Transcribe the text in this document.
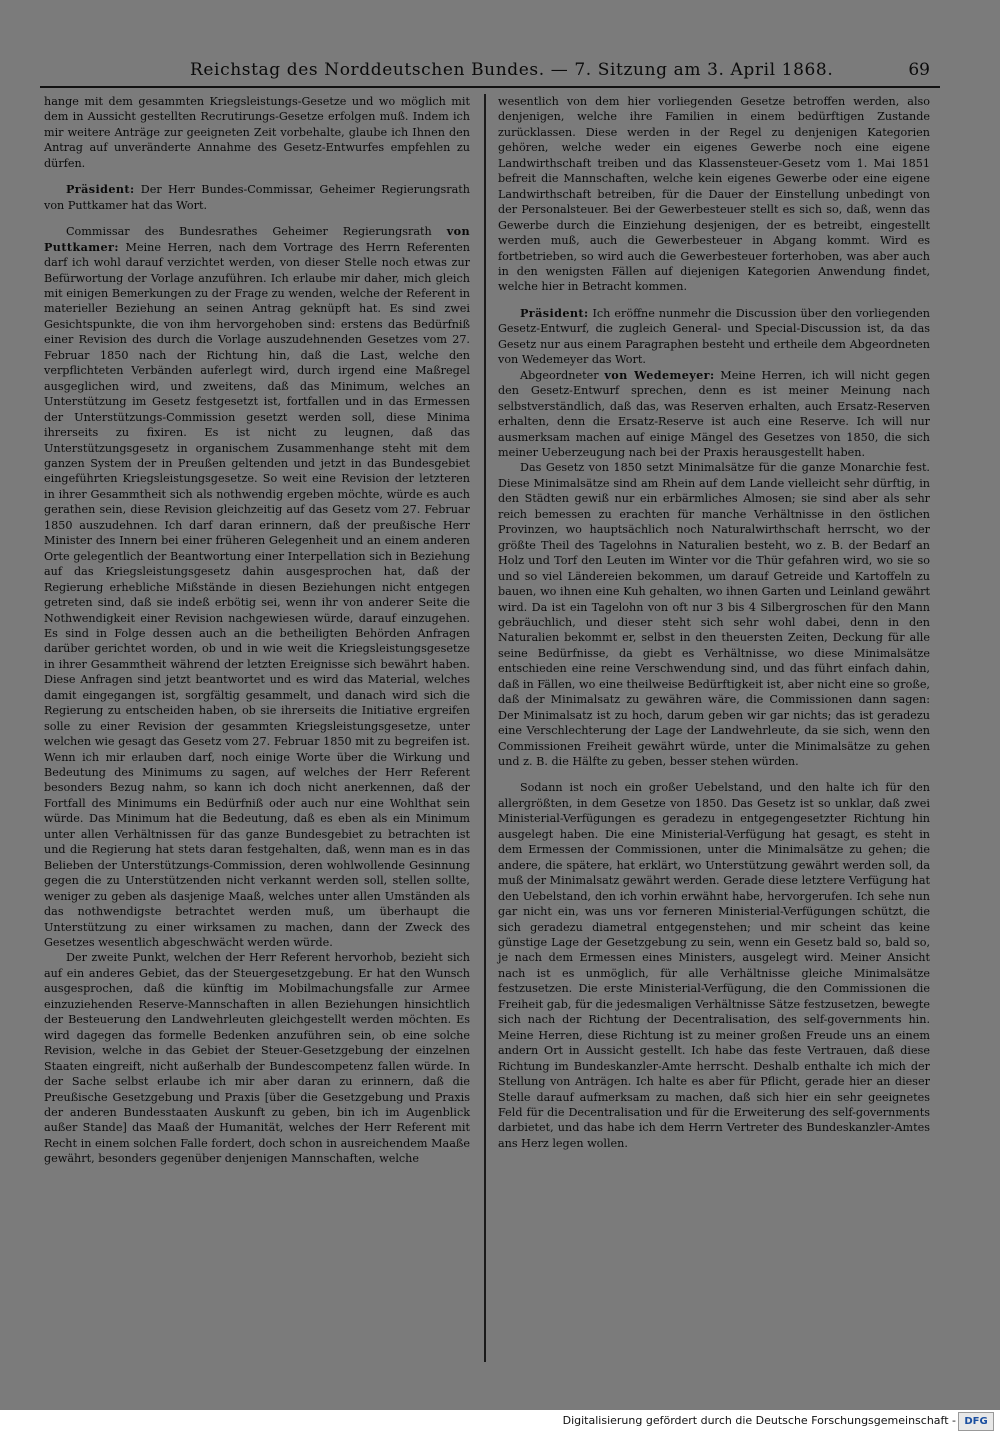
Reichstag des Norddeutschen Bundes. — 7. Sitzung am 3. April 1868.	69

hange mit dem gesammten Kriegsleistungs-Gesetze und wo möglich mit dem in Aussicht gestellten Recrutirungs-Gesetze erfolgen muß. Indem ich mir weitere Anträge zur geeigneten Zeit vorbehalte, glaube ich Ihnen den Antrag auf unveränderte Annahme des Gesetz-Entwurfes empfehlen zu dürfen.

Präsident: Der Herr Bundes-Commissar, Geheimer Regierungsrath von Puttkamer hat das Wort.

Commissar des Bundesrathes Geheimer Regierungsrath von Puttkamer: Meine Herren, nach dem Vortrage des Herrn Referenten darf ich wohl darauf verzichtet werden, von dieser Stelle noch etwas zur Befürwortung der Vorlage anzuführen. Ich erlaube mir daher, mich gleich mit einigen Bemerkungen zu der Frage zu wenden, welche der Referent in materieller Beziehung an seinen Antrag geknüpft hat. Es sind zwei Gesichtspunkte, die von ihm hervorgehoben sind: erstens das Bedürfniß einer Revision des durch die Vorlage auszudehnenden Gesetzes vom 27. Februar 1850 nach der Richtung hin, daß die Last, welche den verpflichteten Verbänden auferlegt wird, durch irgend eine Maßregel ausgeglichen wird, und zweitens, daß das Minimum, welches an Unterstützung im Gesetz festgesetzt ist, fortfallen und in das Ermessen der Unterstützungs-Commission gesetzt werden soll, diese Minima ihrerseits zu fixiren. Es ist nicht zu leugnen, daß das Unterstützungsgesetz in organischem Zusammenhange steht mit dem ganzen System der in Preußen geltenden und jetzt in das Bundesgebiet eingeführten Kriegsleistungsgesetze. So weit eine Revision der letzteren in ihrer Gesammtheit sich als nothwendig ergeben möchte, würde es auch gerathen sein, diese Revision gleichzeitig auf das Gesetz vom 27. Februar 1850 auszudehnen. Ich darf daran erinnern, daß der preußische Herr Minister des Innern bei einer früheren Gelegenheit und an einem anderen Orte gelegentlich der Beantwortung einer Interpellation sich in Beziehung auf das Kriegsleistungsgesetz dahin ausgesprochen hat, daß der Regierung erhebliche Mißstände in diesen Beziehungen nicht entgegen getreten sind, daß sie indeß erbötig sei, wenn ihr von anderer Seite die Nothwendigkeit einer Revision nachgewiesen würde, darauf einzugehen. Es sind in Folge dessen auch an die betheiligten Behörden Anfragen darüber gerichtet worden, ob und in wie weit die Kriegsleistungsgesetze in ihrer Gesammtheit während der letzten Ereignisse sich bewährt haben. Diese Anfragen sind jetzt beantwortet und es wird das Material, welches damit eingegangen ist, sorgfältig gesammelt, und danach wird sich die Regierung zu entscheiden haben, ob sie ihrerseits die Initiative ergreifen solle zu einer Revision der gesammten Kriegsleistungsgesetze, unter welchen wie gesagt das Gesetz vom 27. Februar 1850 mit zu begreifen ist. Wenn ich mir erlauben darf, noch einige Worte über die Wirkung und Bedeutung des Minimums zu sagen, auf welches der Herr Referent besonders Bezug nahm, so kann ich doch nicht anerkennen, daß der Fortfall des Minimums ein Bedürfniß oder auch nur eine Wohlthat sein würde. Das Minimum hat die Bedeutung, daß es eben als ein Minimum unter allen Verhältnissen für das ganze Bundesgebiet zu betrachten ist und die Regierung hat stets daran festgehalten, daß, wenn man es in das Belieben der Unterstützungs-Commission, deren wohlwollende Gesinnung gegen die zu Unterstützenden nicht verkannt werden soll, stellen sollte, weniger zu geben als dasjenige Maaß, welches unter allen Umständen als das nothwendigste betrachtet werden muß, um überhaupt die Unterstützung zu einer wirksamen zu machen, dann der Zweck des Gesetzes wesentlich abgeschwächt werden würde.

Der zweite Punkt, welchen der Herr Referent hervorhob, bezieht sich auf ein anderes Gebiet, das der Steuergesetzgebung. Er hat den Wunsch ausgesprochen, daß die künftig im Mobilmachungsfalle zur Armee einzuziehenden Reserve-Mannschaften in allen Beziehungen hinsichtlich der Besteuerung den Landwehrleuten gleichgestellt werden möchten. Es wird dagegen das formelle Bedenken anzuführen sein, ob eine solche Revision, welche in das Gebiet der Steuer-Gesetzgebung der einzelnen Staaten eingreift, nicht außerhalb der Bundescompetenz fallen würde. In der Sache selbst erlaube ich mir aber daran zu erinnern, daß die Preußische Gesetzgebung und Praxis [über die Gesetzgebung und Praxis der anderen Bundesstaaten Auskunft zu geben, bin ich im Augenblick außer Stande] das Maaß der Humanität, welches der Herr Referent mit Recht in einem solchen Falle fordert, doch schon in ausreichendem Maaße gewährt, besonders gegenüber denjenigen Mannschaften, welche

wesentlich von dem hier vorliegenden Gesetze betroffen werden, also denjenigen, welche ihre Familien in einem bedürftigen Zustande zurücklassen. Diese werden in der Regel zu denjenigen Kategorien gehören, welche weder ein eigenes Gewerbe noch eine eigene Landwirthschaft treiben und das Klassensteuer-Gesetz vom 1. Mai 1851 befreit die Mannschaften, welche kein eigenes Gewerbe oder eine eigene Landwirthschaft betreiben, für die Dauer der Einstellung unbedingt von der Personalsteuer. Bei der Gewerbesteuer stellt es sich so, daß, wenn das Gewerbe durch die Einziehung desjenigen, der es betreibt, eingestellt werden muß, auch die Gewerbesteuer in Abgang kommt. Wird es fortbetrieben, so wird auch die Gewerbesteuer forterhoben, was aber auch in den wenigsten Fällen auf diejenigen Kategorien Anwendung findet, welche hier in Betracht kommen.

Präsident: Ich eröffne nunmehr die Discussion über den vorliegenden Gesetz-Entwurf, die zugleich General- und Special-Discussion ist, da das Gesetz nur aus einem Paragraphen besteht und ertheile dem Abgeordneten von Wedemeyer das Wort.

Abgeordneter von Wedemeyer: Meine Herren, ich will nicht gegen den Gesetz-Entwurf sprechen, denn es ist meiner Meinung nach selbstverständlich, daß das, was Reserven erhalten, auch Ersatz-Reserven erhalten, denn die Ersatz-Reserve ist auch eine Reserve. Ich will nur ausmerksam machen auf einige Mängel des Gesetzes von 1850, die sich meiner Ueberzeugung nach bei der Praxis herausgestellt haben.

Das Gesetz von 1850 setzt Minimalsätze für die ganze Monarchie fest. Diese Minimalsätze sind am Rhein auf dem Lande vielleicht sehr dürftig, in den Städten gewiß nur ein erbärmliches Almosen; sie sind aber als sehr reich bemessen zu erachten für manche Verhältnisse in den östlichen Provinzen, wo hauptsächlich noch Naturalwirthschaft herrscht, wo der größte Theil des Tagelohns in Naturalien besteht, wo z. B. der Bedarf an Holz und Torf den Leuten im Winter vor die Thür gefahren wird, wo sie so und so viel Ländereien bekommen, um darauf Getreide und Kartoffeln zu bauen, wo ihnen eine Kuh gehalten, wo ihnen Garten und Leinland gewährt wird. Da ist ein Tagelohn von oft nur 3 bis 4 Silbergroschen für den Mann gebräuchlich, und dieser steht sich sehr wohl dabei, denn in den Naturalien bekommt er, selbst in den theuersten Zeiten, Deckung für alle seine Bedürfnisse, da giebt es Verhältnisse, wo diese Minimalsätze entschieden eine reine Verschwendung sind, und das führt einfach dahin, daß in Fällen, wo eine theilweise Bedürftigkeit ist, aber nicht eine so große, daß der Minimalsatz zu gewähren wäre, die Commissionen dann sagen: Der Minimalsatz ist zu hoch, darum geben wir gar nichts; das ist geradezu eine Verschlechterung der Lage der Landwehrleute, da sie sich, wenn den Commissionen Freiheit gewährt würde, unter die Minimalsätze zu gehen und z. B. die Hälfte zu geben, besser stehen würden.

Sodann ist noch ein großer Uebelstand, und den halte ich für den allergrößten, in dem Gesetze von 1850. Das Gesetz ist so unklar, daß zwei Ministerial-Verfügungen es geradezu in entgegengesetzter Richtung hin ausgelegt haben. Die eine Ministerial-Verfügung hat gesagt, es steht in dem Ermessen der Commissionen, unter die Minimalsätze zu gehen; die andere, die spätere, hat erklärt, wo Unterstützung gewährt werden soll, da muß der Minimalsatz gewährt werden. Gerade diese letztere Verfügung hat den Uebelstand, den ich vorhin erwähnt habe, hervorgerufen. Ich sehe nun gar nicht ein, was uns vor ferneren Ministerial-Verfügungen schützt, die sich geradezu diametral entgegenstehen; und mir scheint das keine günstige Lage der Gesetzgebung zu sein, wenn ein Gesetz bald so, bald so, je nach dem Ermessen eines Ministers, ausgelegt wird. Meiner Ansicht nach ist es unmöglich, für alle Verhältnisse gleiche Minimalsätze festzusetzen. Die erste Ministerial-Verfügung, die den Commissionen die Freiheit gab, für die jedesmaligen Verhältnisse Sätze festzusetzen, bewegte sich nach der Richtung der Decentralisation, des self-governments hin. Meine Herren, diese Richtung ist zu meiner großen Freude uns an einem andern Ort in Aussicht gestellt. Ich habe das feste Vertrauen, daß diese Richtung im Bundeskanzler-Amte herrscht. Deshalb enthalte ich mich der Stellung von Anträgen. Ich halte es aber für Pflicht, gerade hier an dieser Stelle darauf aufmerksam zu machen, daß sich hier ein sehr geeignetes Feld für die Decentralisation und für die Erweiterung des self-governments darbietet, und das habe ich dem Herrn Vertreter des Bundeskanzler-Amtes ans Herz legen wollen.

Digitalisierung gefördert durch die Deutsche Forschungsgemeinschaft - DFG
